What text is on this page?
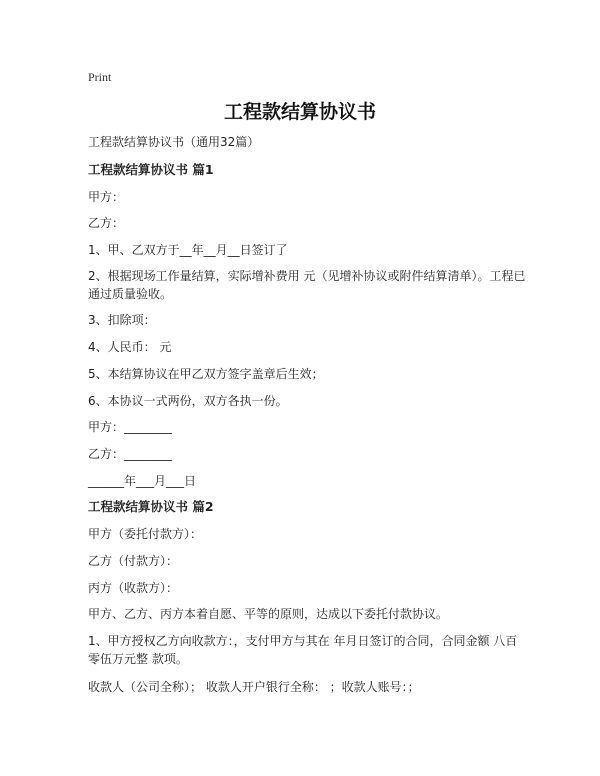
Print
工程款结算协议书
工程款结算协议书（通用32篇）
工程款结算协议书 篇1
甲方：
乙方：
1、甲、乙双方于__年__月__日签订了
2、根据现场工作量结算，实际增补费用 元（见增补协议或附件结算清单）。工程已通过质量验收。
3、扣除项：
4、人民币： 元
5、本结算协议在甲乙双方签字盖章后生效；
6、本协议一式两份，双方各执一份。
甲方：________
乙方：________
______年___月___日
工程款结算协议书 篇2
甲方（委托付款方）：
乙方（付款方）：
丙方（收款方）：
甲方、乙方、丙方本着自愿、平等的原则，达成以下委托付款协议。
1、甲方授权乙方向收款方：，支付甲方与其在 年月日签订的合同，合同金额 八百零伍万元整 款项。
收款人（公司全称）； 收款人开户银行全称： ；收款人账号：；
